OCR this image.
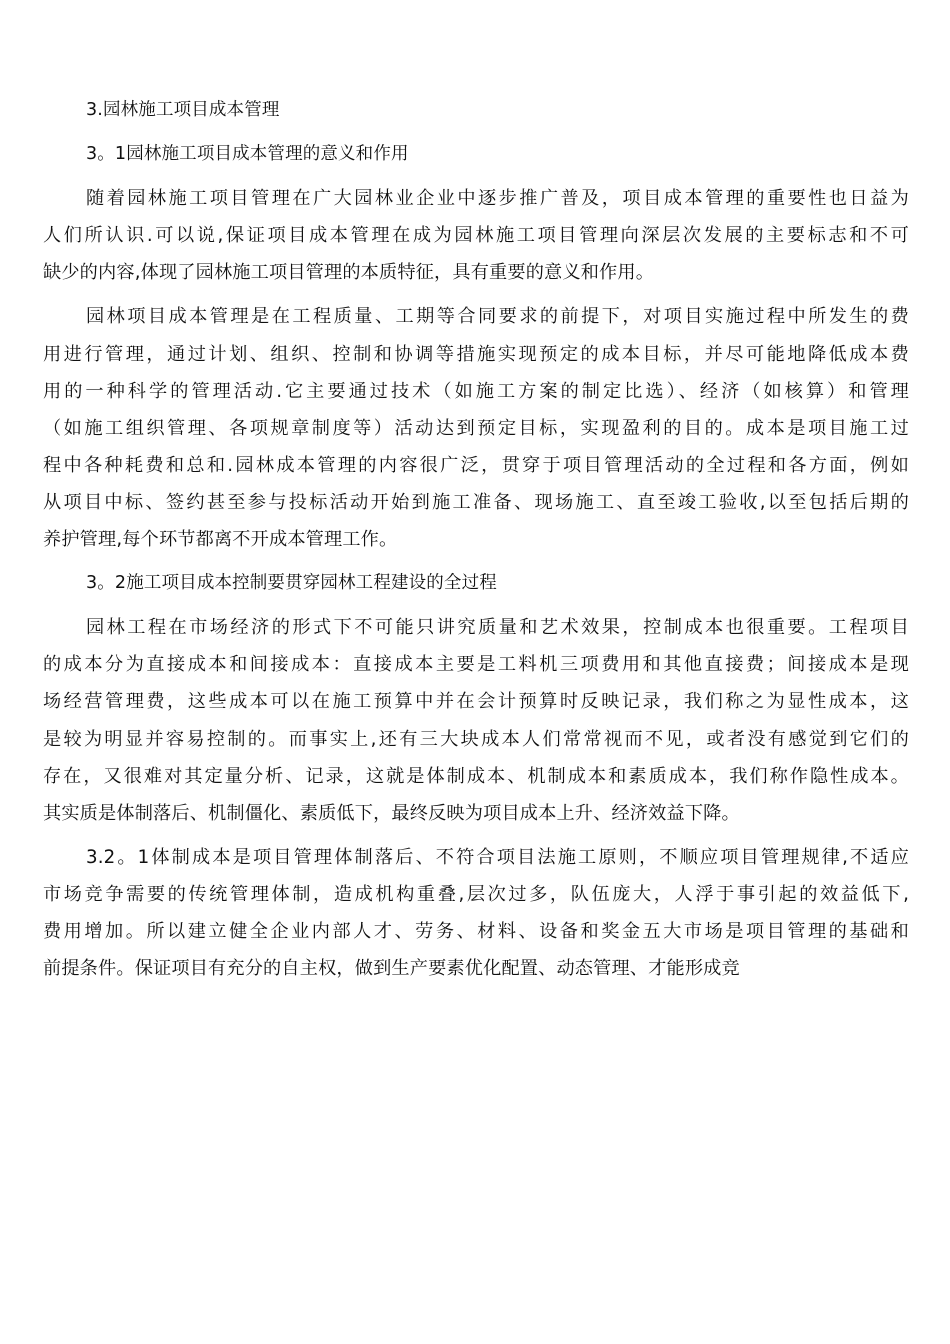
3.园林施工项目成本管理
3。1园林施工项目成本管理的意义和作用
随着园林施工项目管理在广大园林业企业中逐步推广普及，项目成本管理的重要性也日益为
人们所认识.可以说,保证项目成本管理在成为园林施工项目管理向深层次发展的主要标志和不可
缺少的内容,体现了园林施工项目管理的本质特征，具有重要的意义和作用。
园林项目成本管理是在工程质量、工期等合同要求的前提下，对项目实施过程中所发生的费
用进行管理，通过计划、组织、控制和协调等措施实现预定的成本目标，并尽可能地降低成本费
用的一种科学的管理活动.它主要通过技术（如施工方案的制定比选）、经济（如核算）和管理
（如施工组织管理、各项规章制度等）活动达到预定目标，实现盈利的目的。成本是项目施工过
程中各种耗费和总和.园林成本管理的内容很广泛，贯穿于项目管理活动的全过程和各方面，例如
从项目中标、签约甚至参与投标活动开始到施工准备、现场施工、直至竣工验收,以至包括后期的
养护管理,每个环节都离不开成本管理工作。
3。2施工项目成本控制要贯穿园林工程建设的全过程
园林工程在市场经济的形式下不可能只讲究质量和艺术效果，控制成本也很重要。工程项目
的成本分为直接成本和间接成本：直接成本主要是工料机三项费用和其他直接费；间接成本是现
场经营管理费，这些成本可以在施工预算中并在会计预算时反映记录，我们称之为显性成本，这
是较为明显并容易控制的。而事实上,还有三大块成本人们常常视而不见，或者没有感觉到它们的
存在，又很难对其定量分析、记录，这就是体制成本、机制成本和素质成本，我们称作隐性成本。
其实质是体制落后、机制僵化、素质低下，最终反映为项目成本上升、经济效益下降。
3.2。1体制成本是项目管理体制落后、不符合项目法施工原则，不顺应项目管理规律,不适应
市场竞争需要的传统管理体制，造成机构重叠,层次过多，队伍庞大，人浮于事引起的效益低下,
费用增加。所以建立健全企业内部人才、劳务、材料、设备和奖金五大市场是项目管理的基础和
前提条件。保证项目有充分的自主权，做到生产要素优化配置、动态管理、才能形成竞
